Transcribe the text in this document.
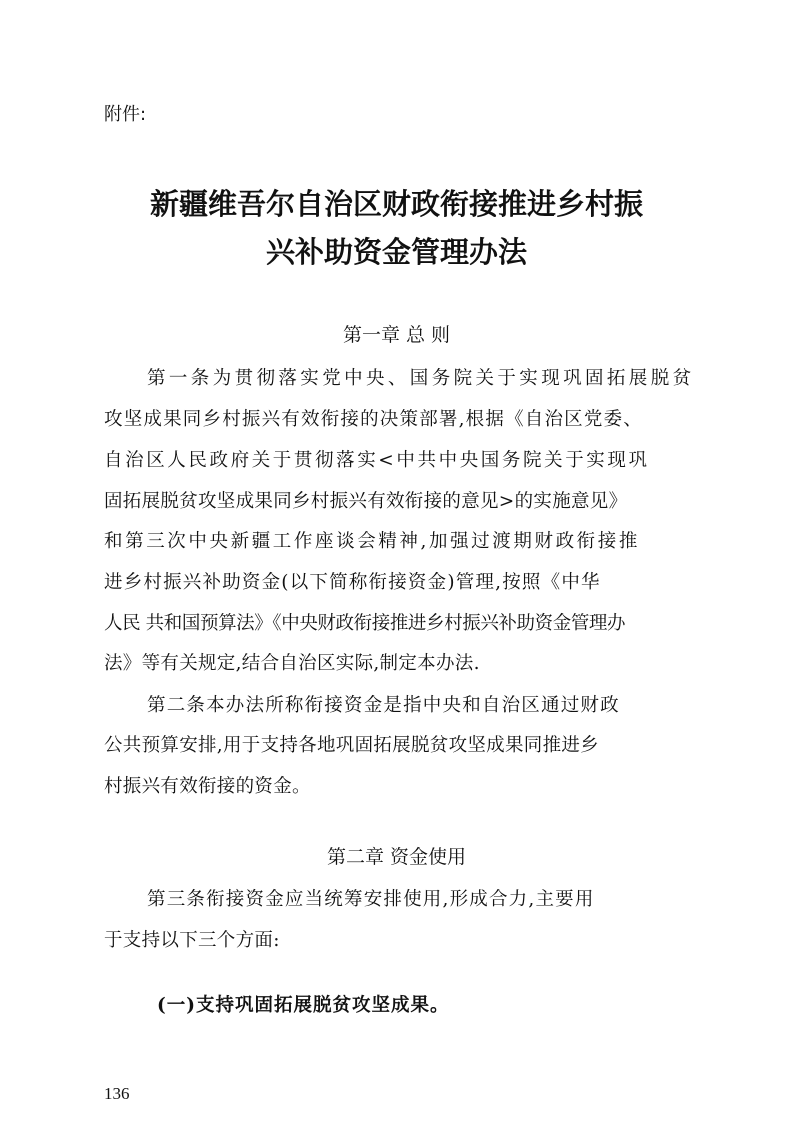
附件:
新疆维吾尔自治区财政衔接推进乡村振
兴补助资金管理办法
第一章 总 则
第一条为贯彻落实党中央、国务院关于实现巩固拓展脱贫
攻坚成果同乡村振兴有效衔接的决策部署,根据《自治区党委、
自治区人民政府关于贯彻落实<中共中央国务院关于实现巩
固拓展脱贫攻坚成果同乡村振兴有效衔接的意见>的实施意见》
和第三次中央新疆工作座谈会精神,加强过渡期财政衔接推
进乡村振兴补助资金(以下简称衔接资金)管理,按照《中华
人民 共和国预算法》《中央财政衔接推进乡村振兴补助资金管理办
法》等有关规定,结合自治区实际,制定本办法.
第二条本办法所称衔接资金是指中央和自治区通过财政
公共预算安排,用于支持各地巩固拓展脱贫攻坚成果同推进乡
村振兴有效衔接的资金。
第二章 资金使用
第三条衔接资金应当统筹安排使用,形成合力,主要用
于支持以下三个方面:
(一)支持巩固拓展脱贫攻坚成果。
136
